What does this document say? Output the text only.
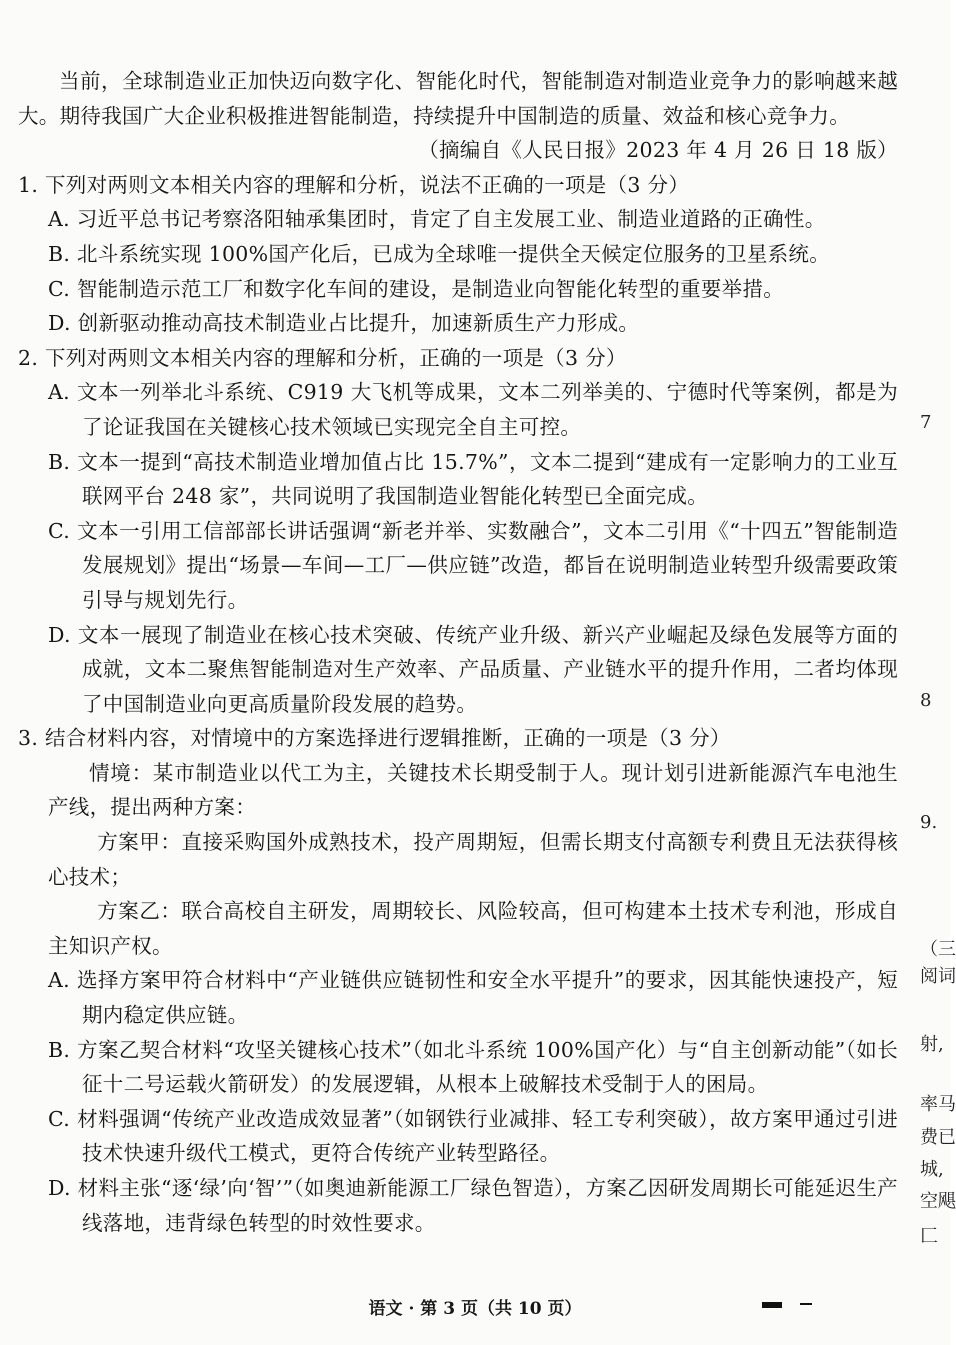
当前，全球制造业正加快迈向数字化、智能化时代，智能制造对制造业竞争力的影响越来越大。期待我国广大企业积极推进智能制造，持续提升中国制造的质量、效益和核心竞争力。

（摘编自《人民日报》2023 年 4 月 26 日 18 版）

1. 下列对两则文本相关内容的理解和分析，说法不正确的一项是（3 分）

A. 习近平总书记考察洛阳轴承集团时，肯定了自主发展工业、制造业道路的正确性。

B. 北斗系统实现 100%国产化后，已成为全球唯一提供全天候定位服务的卫星系统。

C. 智能制造示范工厂和数字化车间的建设，是制造业向智能化转型的重要举措。

D. 创新驱动推动高技术制造业占比提升，加速新质生产力形成。

2. 下列对两则文本相关内容的理解和分析，正确的一项是（3 分）

A. 文本一列举北斗系统、C919 大飞机等成果，文本二列举美的、宁德时代等案例，都是为了论证我国在关键核心技术领域已实现完全自主可控。

B. 文本一提到“高技术制造业增加值占比 15.7%”，文本二提到“建成有一定影响力的工业互联网平台 248 家”，共同说明了我国制造业智能化转型已全面完成。

C. 文本一引用工信部部长讲话强调“新老并举、实数融合”，文本二引用《“十四五”智能制造发展规划》提出“场景—车间—工厂—供应链”改造，都旨在说明制造业转型升级需要政策引导与规划先行。

D. 文本一展现了制造业在核心技术突破、传统产业升级、新兴产业崛起及绿色发展等方面的成就，文本二聚焦智能制造对生产效率、产品质量、产业链水平的提升作用，二者均体现了中国制造业向更高质量阶段发展的趋势。

3. 结合材料内容，对情境中的方案选择进行逻辑推断，正确的一项是（3 分）

情境：某市制造业以代工为主，关键技术长期受制于人。现计划引进新能源汽车电池生产线，提出两种方案：

方案甲：直接采购国外成熟技术，投产周期短，但需长期支付高额专利费且无法获得核心技术；

方案乙：联合高校自主研发，周期较长、风险较高，但可构建本土技术专利池，形成自主知识产权。

A. 选择方案甲符合材料中“产业链供应链韧性和安全水平提升”的要求，因其能快速投产，短期内稳定供应链。

B. 方案乙契合材料“攻坚关键核心技术”（如北斗系统 100%国产化）与“自主创新动能”（如长征十二号运载火箭研发）的发展逻辑，从根本上破解技术受制于人的困局。

C. 材料强调“传统产业改造成效显著”（如钢铁行业减排、轻工专利突破），故方案甲通过引进技术快速升级代工模式，更符合传统产业转型路径。

D. 材料主张“逐‘绿’向‘智’”（如奥迪新能源工厂绿色智造），方案乙因研发周期长可能延迟生产线落地，违背绿色转型的时效性要求。

7
8
9.
（三
阅词
射,
率马
费已
城,
空飓
匚
语文 · 第 3 页（共 10 页）
